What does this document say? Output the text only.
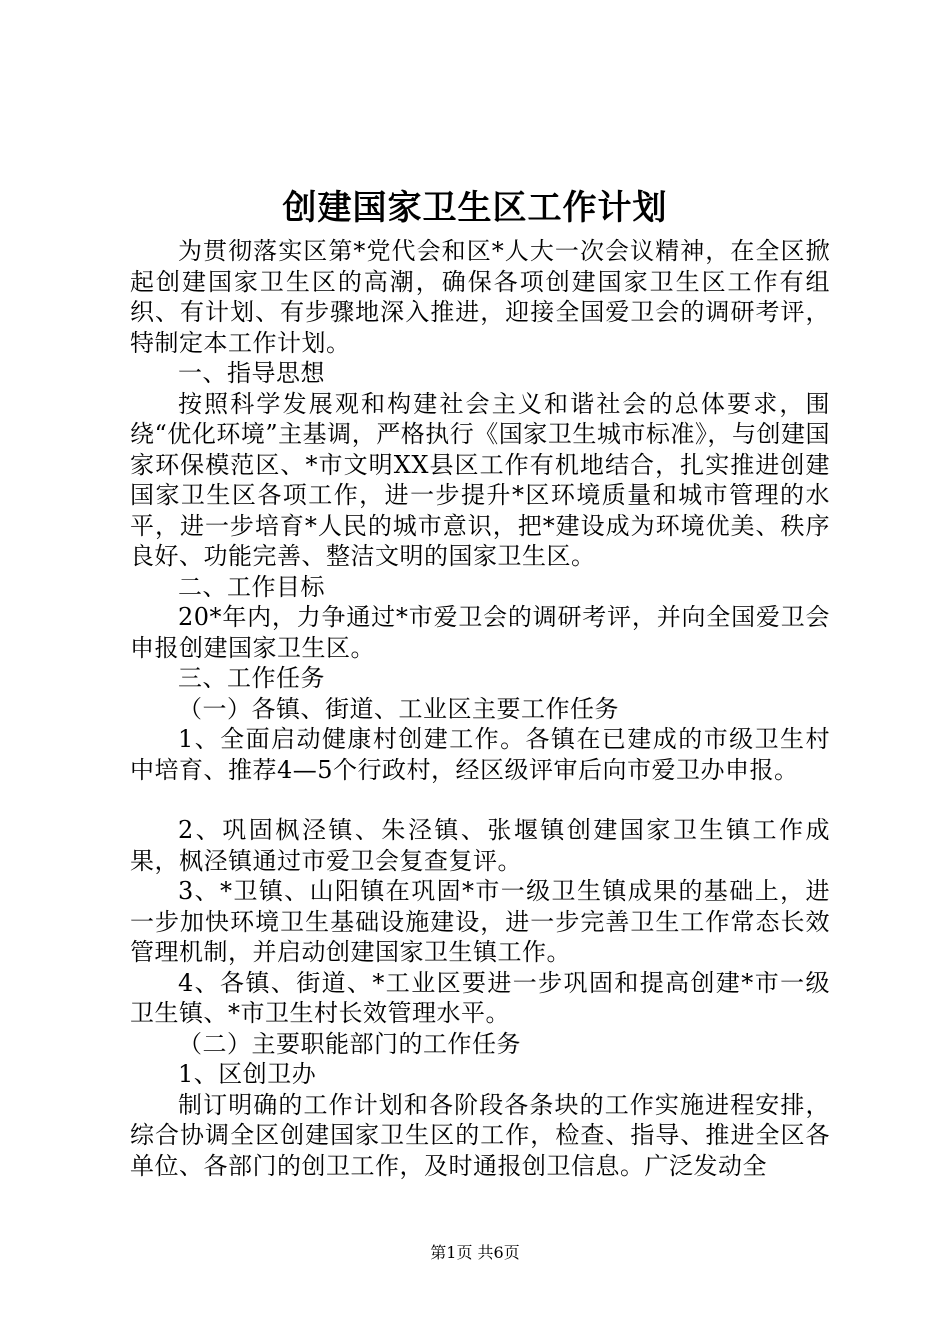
创建国家卫生区工作计划

为贯彻落实区第*党代会和区*人大一次会议精神，在全区掀起创建国家卫生区的高潮，确保各项创建国家卫生区工作有组织、有计划、有步骤地深入推进，迎接全国爱卫会的调研考评，特制定本工作计划。

一、指导思想

按照科学发展观和构建社会主义和谐社会的总体要求，围绕“优化环境”主基调，严格执行《国家卫生城市标准》，与创建国家环保模范区、*市文明XX县区工作有机地结合，扎实推进创建国家卫生区各项工作，进一步提升*区环境质量和城市管理的水平，进一步培育*人民的城市意识，把*建设成为环境优美、秩序良好、功能完善、整洁文明的国家卫生区。

二、工作目标

20*年内，力争通过*市爱卫会的调研考评，并向全国爱卫会申报创建国家卫生区。

三、工作任务

（一）各镇、街道、工业区主要工作任务

1、全面启动健康村创建工作。各镇在已建成的市级卫生村中培育、推荐4—5个行政村，经区级评审后向市爱卫办申报。

2、巩固枫泾镇、朱泾镇、张堰镇创建国家卫生镇工作成果，枫泾镇通过市爱卫会复查复评。

3、*卫镇、山阳镇在巩固*市一级卫生镇成果的基础上，进一步加快环境卫生基础设施建设，进一步完善卫生工作常态长效管理机制，并启动创建国家卫生镇工作。

4、各镇、街道、*工业区要进一步巩固和提高创建*市一级卫生镇、*市卫生村长效管理水平。

（二）主要职能部门的工作任务

1、区创卫办

制订明确的工作计划和各阶段各条块的工作实施进程安排，综合协调全区创建国家卫生区的工作，检查、指导、推进全区各单位、各部门的创卫工作，及时通报创卫信息。广泛发动全

第1页 共6页
